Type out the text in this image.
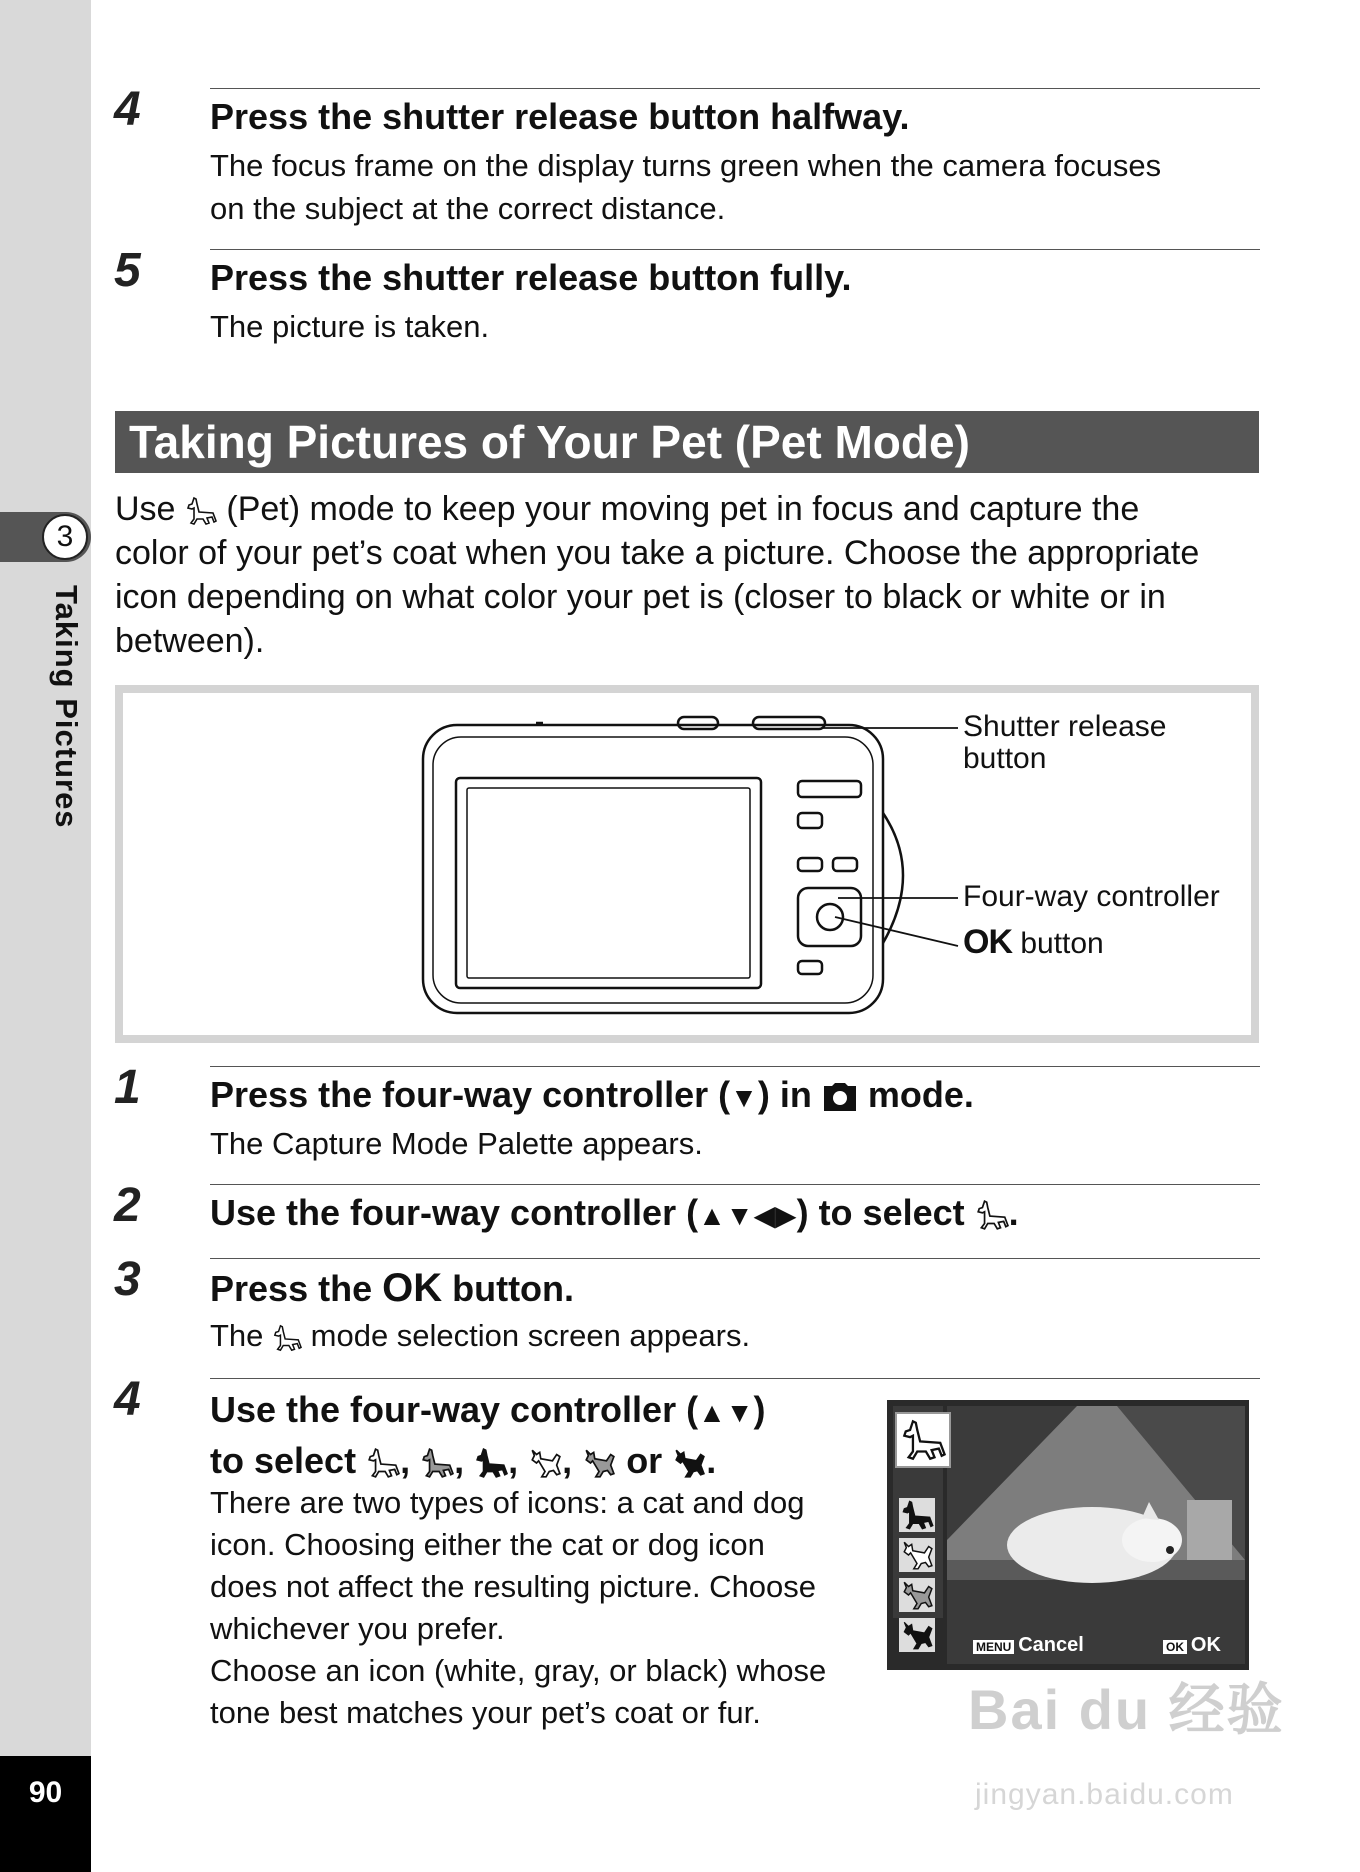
3
Taking Pictures
90
4 Press the shutter release button halfway.
The focus frame on the display turns green when the camera focuses
on the subject at the correct distance.
5 Press the shutter release button fully.
The picture is taken.
Taking Pictures of Your Pet (Pet Mode)
Use  (Pet) mode to keep your moving pet in focus and capture the
color of your pet’s coat when you take a picture. Choose the appropriate
icon depending on what color your pet is (closer to black or white or in
between).
Shutter release
button
Four-way controller
OK button
1 Press the four-way controller (▼) in  mode.
The Capture Mode Palette appears.
2 Use the four-way controller (▲▼◀▶) to select .
3 Press the OK button.
The  mode selection screen appears.
4 Use the four-way controller (▲▼)
to select , , , ,  or .
There are two types of icons: a cat and dog
icon. Choosing either the cat or dog icon
does not affect the resulting picture. Choose
whichever you prefer.
Choose an icon (white, gray, or black) whose
tone best matches your pet’s coat or fur.
MENU Cancel	OK OK
Bai du 经验
jingyan.baidu.com
